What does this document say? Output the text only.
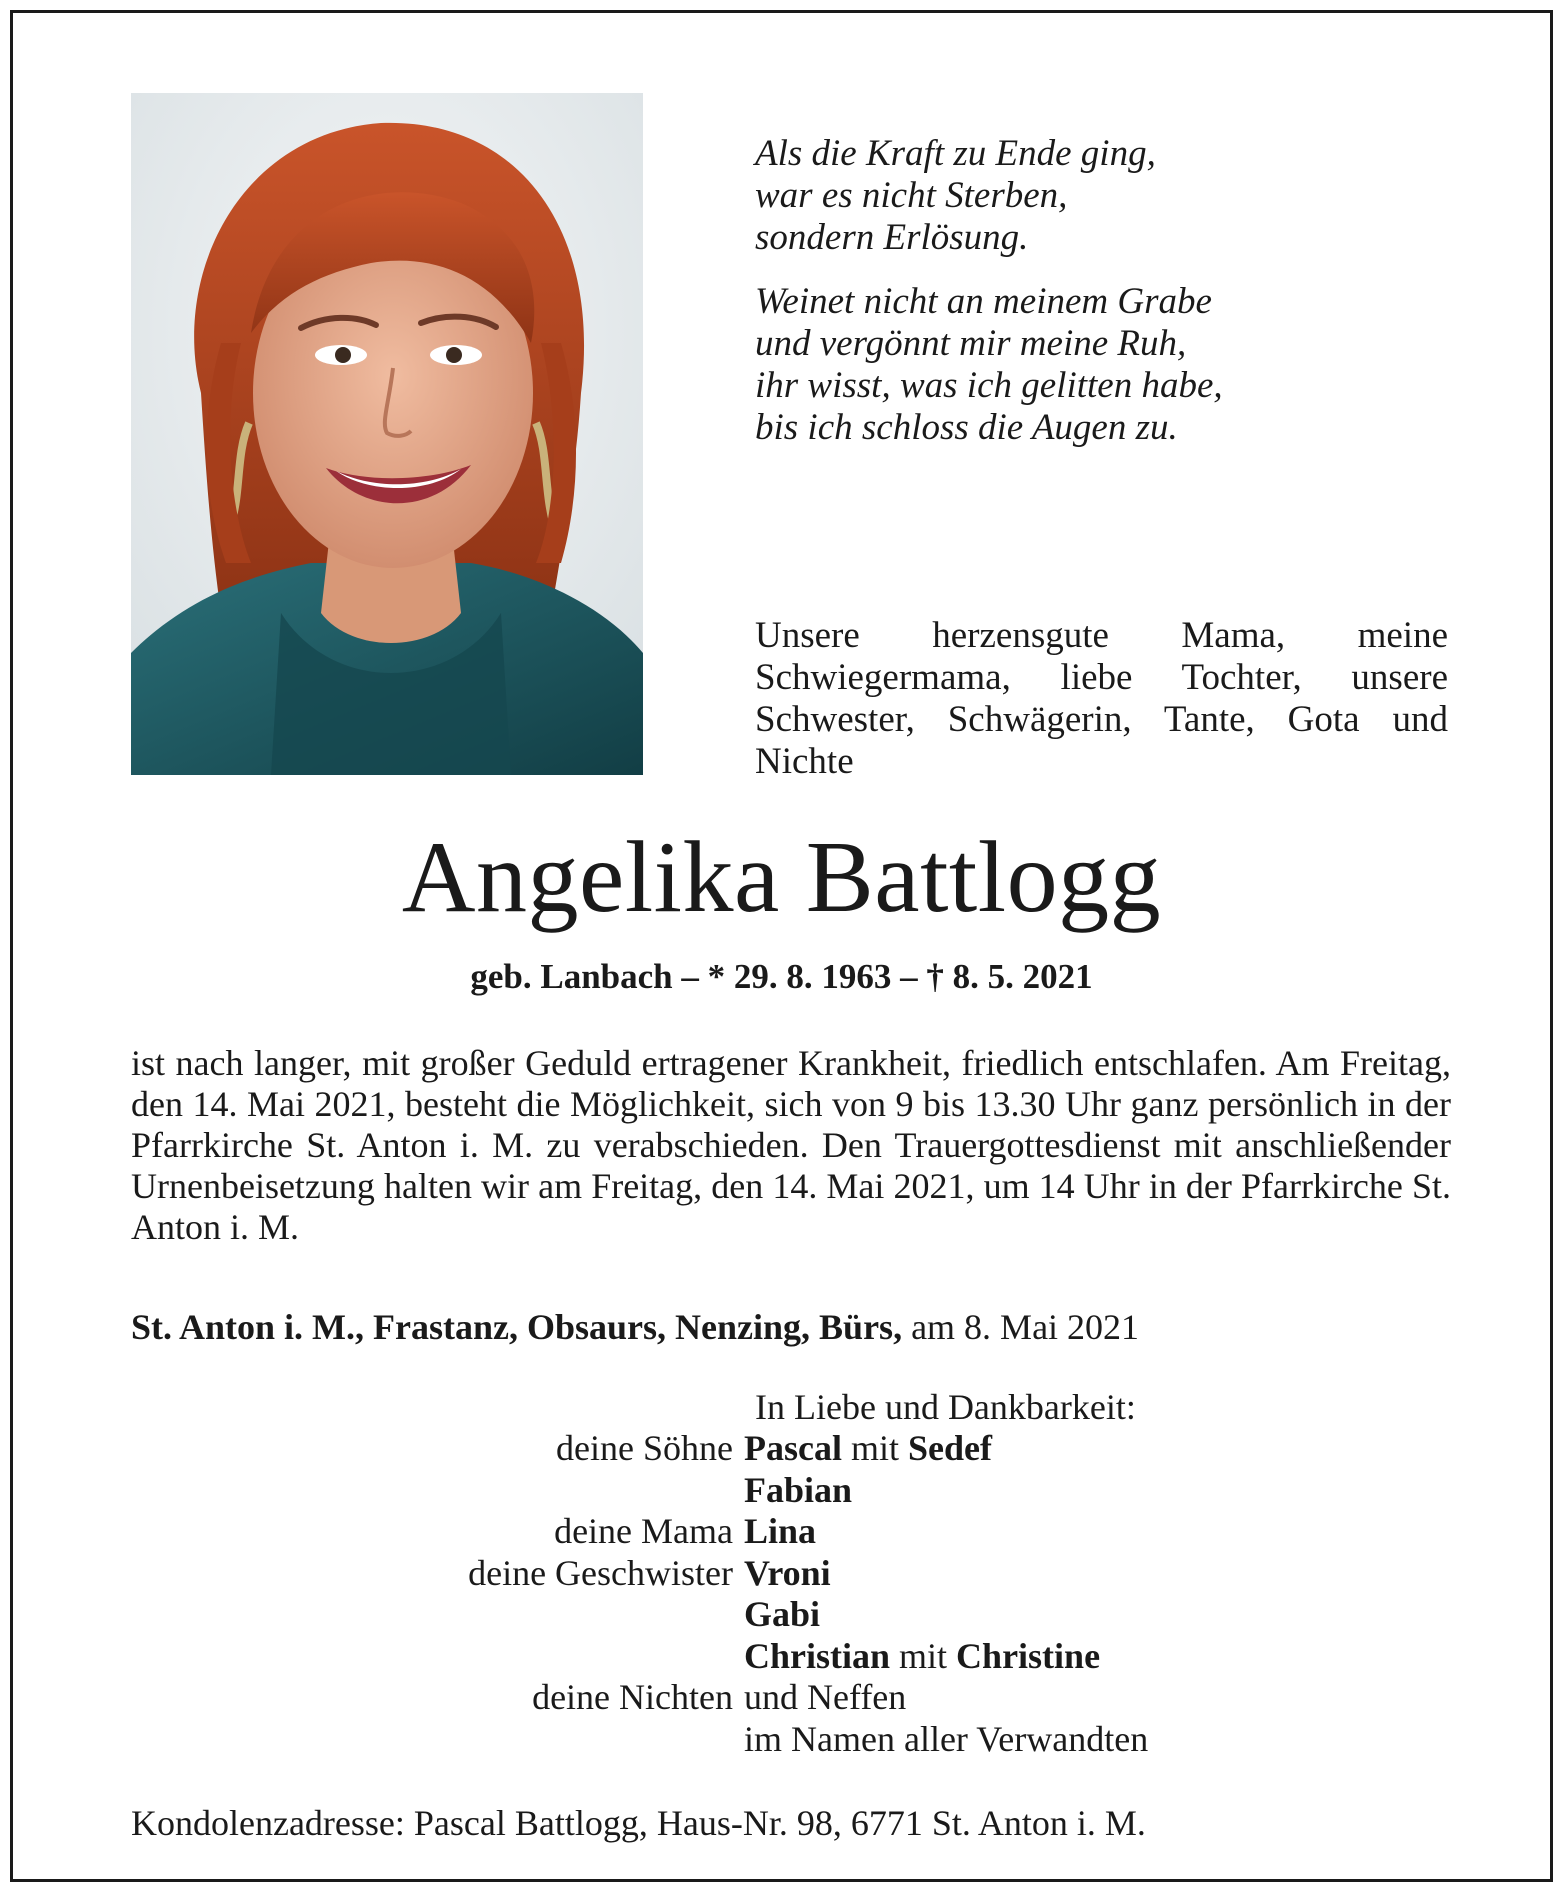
Als die Kraft zu Ende ging,
war es nicht Sterben,
sondern Erlösung.
Weinet nicht an meinem Grabe
und vergönnt mir meine Ruh,
ihr wisst, was ich gelitten habe,
bis ich schloss die Augen zu.
Unsere herzensgute Mama, meine Schwiegermama, liebe Tochter, unsere Schwester, Schwägerin, Tante, Gota und Nichte
Angelika Battlogg
geb. Lanbach – * 29. 8. 1963 – † 8. 5. 2021
ist nach langer, mit großer Geduld ertragener Krankheit, friedlich entschlafen. Am Freitag, den 14. Mai 2021, besteht die Möglichkeit, sich von 9 bis 13.30 Uhr ganz persönlich in der Pfarrkirche St. Anton i. M. zu verabschieden. Den Trauergottesdienst mit anschließender Urnenbeisetzung halten wir am Freitag, den 14. Mai 2021, um 14 Uhr in der Pfarrkirche St. Anton i. M.
St. Anton i. M., Frastanz, Obsaurs, Nenzing, Bürs, am 8. Mai 2021
In Liebe und Dankbarkeit:
deine Söhne Pascal mit Sedef
Fabian
deine Mama Lina
deine Geschwister Vroni
Gabi
Christian mit Christine
deine Nichten und Neffen
im Namen aller Verwandten
Kondolenzadresse: Pascal Battlogg, Haus-Nr. 98, 6771 St. Anton i. M.
